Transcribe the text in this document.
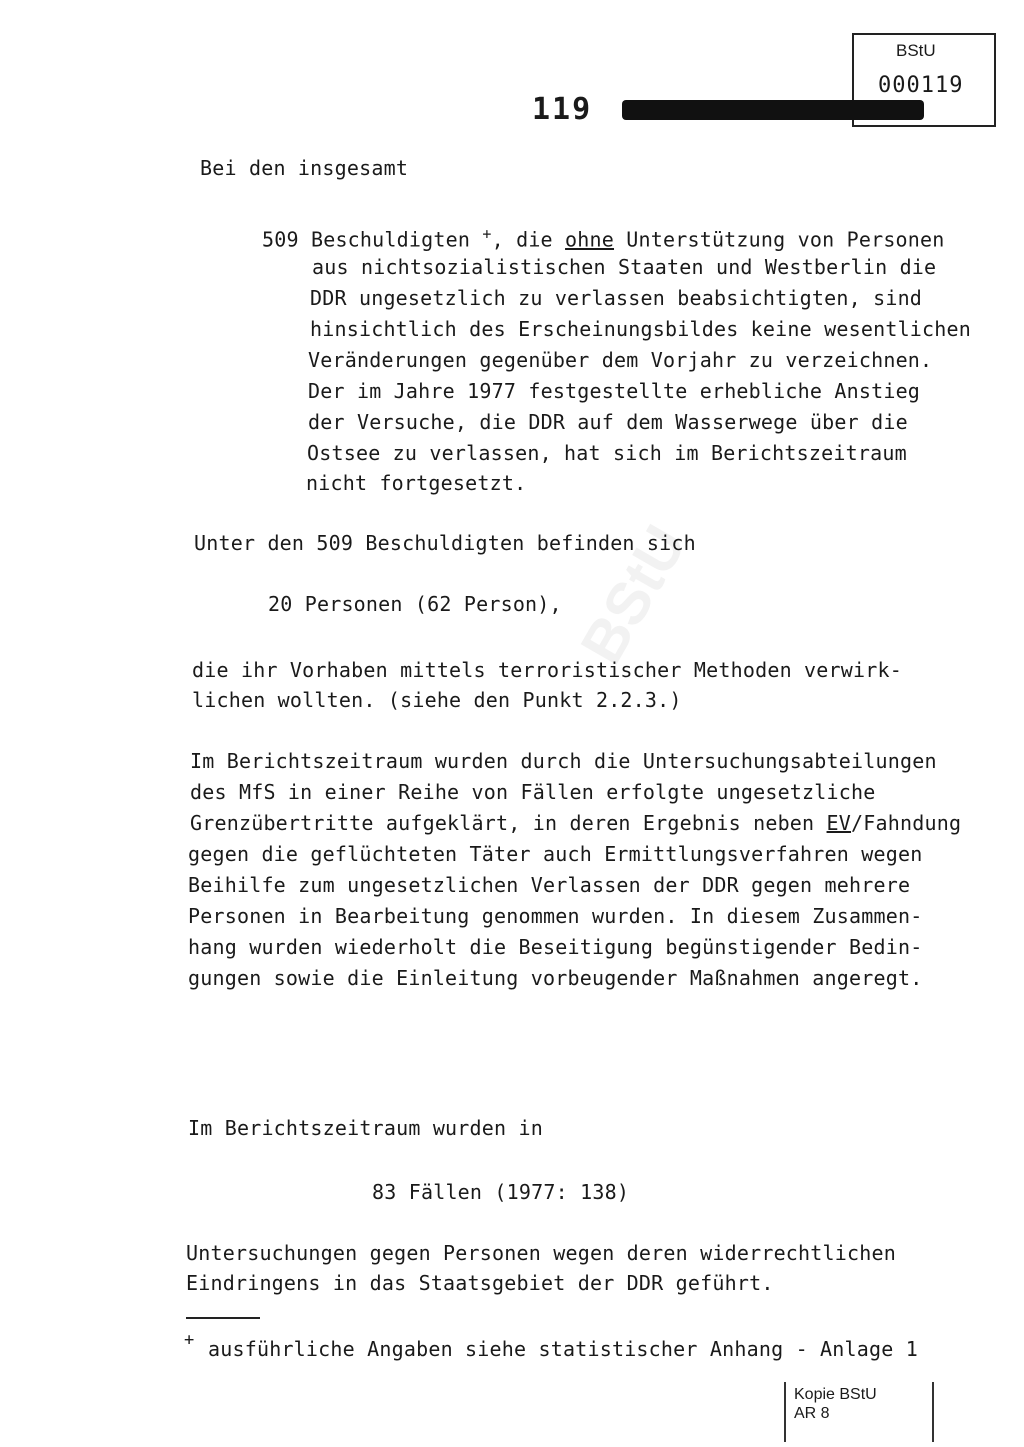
BStU
BStU
000119
119
Bei den insgesamt
509 Beschuldigten +, die ohne Unterstützung von Personen
aus nichtsozialistischen Staaten und Westberlin die
DDR ungesetzlich zu verlassen beabsichtigten, sind
hinsichtlich des Erscheinungsbildes keine wesentlichen
Veränderungen gegenüber dem Vorjahr zu verzeichnen.
Der im Jahre 1977 festgestellte erhebliche Anstieg
der Versuche, die DDR auf dem Wasserwege über die
Ostsee zu verlassen, hat sich im Berichtszeitraum
nicht fortgesetzt.
Unter den 509 Beschuldigten befinden sich
20 Personen (62 Person),
die ihr Vorhaben mittels terroristischer Methoden verwirk-
lichen wollten. (siehe den Punkt 2.2.3.)
Im Berichtszeitraum wurden durch die Untersuchungsabteilungen
des MfS in einer Reihe von Fällen erfolgte ungesetzliche
Grenzübertritte aufgeklärt, in deren Ergebnis neben EV/Fahndung
gegen die geflüchteten Täter auch Ermittlungsverfahren wegen
Beihilfe zum ungesetzlichen Verlassen der DDR gegen mehrere
Personen in Bearbeitung genommen wurden. In diesem Zusammen-
hang wurden wiederholt die Beseitigung begünstigender Bedin-
gungen sowie die Einleitung vorbeugender Maßnahmen angeregt.
Im Berichtszeitraum wurden in
83 Fällen (1977: 138)
Untersuchungen gegen Personen wegen deren widerrechtlichen
Eindringens in das Staatsgebiet der DDR geführt.
+ ausführliche Angaben siehe statistischer Anhang - Anlage 1
Kopie BStU
AR 8
